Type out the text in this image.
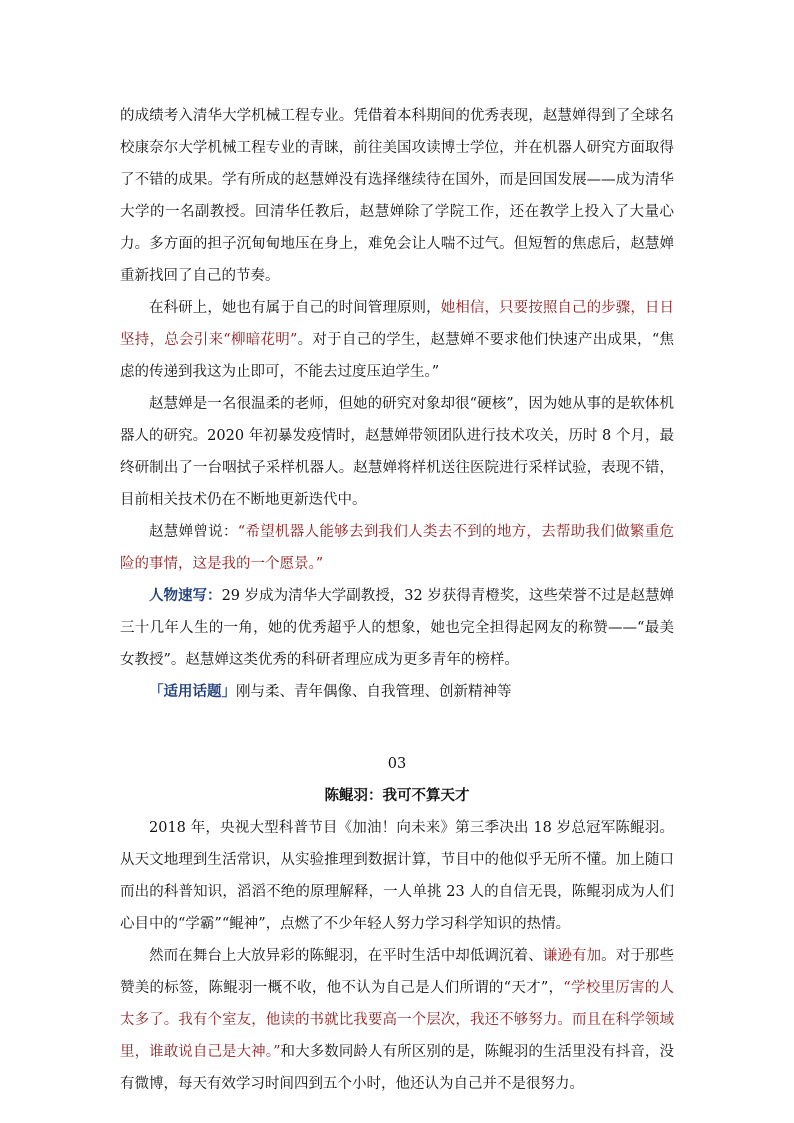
的成绩考入清华大学机械工程专业。凭借着本科期间的优秀表现，赵慧婵得到了全球名校康奈尔大学机械工程专业的青睐，前往美国攻读博士学位，并在机器人研究方面取得了不错的成果。学有所成的赵慧婵没有选择继续待在国外，而是回国发展——成为清华大学的一名副教授。回清华任教后，赵慧婵除了学院工作，还在教学上投入了大量心力。多方面的担子沉甸甸地压在身上，难免会让人喘不过气。但短暂的焦虑后，赵慧婵重新找回了自己的节奏。

在科研上，她也有属于自己的时间管理原则，她相信，只要按照自己的步骤，日日坚持，总会引来“柳暗花明”。对于自己的学生，赵慧婵不要求他们快速产出成果，“焦虑的传递到我这为止即可，不能去过度压迫学生。”

赵慧婵是一名很温柔的老师，但她的研究对象却很“硬核”，因为她从事的是软体机器人的研究。2020 年初暴发疫情时，赵慧婵带领团队进行技术攻关，历时 8 个月，最终研制出了一台咽拭子采样机器人。赵慧婵将样机送往医院进行采样试验，表现不错，目前相关技术仍在不断地更新迭代中。

赵慧婵曾说：“希望机器人能够去到我们人类去不到的地方，去帮助我们做繁重危险的事情，这是我的一个愿景。”

人物速写：29 岁成为清华大学副教授，32 岁获得青橙奖，这些荣誉不过是赵慧婵三十几年人生的一角，她的优秀超乎人的想象，她也完全担得起网友的称赞——“最美女教授”。赵慧婵这类优秀的科研者理应成为更多青年的榜样。

「适用话题」刚与柔、青年偶像、自我管理、创新精神等

03

陈鲲羽：我可不算天才

2018 年，央视大型科普节目《加油！向未来》第三季决出 18 岁总冠军陈鲲羽。从天文地理到生活常识，从实验推理到数据计算，节目中的他似乎无所不懂。加上随口而出的科普知识，滔滔不绝的原理解释，一人单挑 23 人的自信无畏，陈鲲羽成为人们心目中的“学霸”“鲲神”，点燃了不少年轻人努力学习科学知识的热情。

然而在舞台上大放异彩的陈鲲羽，在平时生活中却低调沉着、谦逊有加。对于那些赞美的标签，陈鲲羽一概不收，他不认为自己是人们所谓的“天才”，“学校里厉害的人太多了。我有个室友，他读的书就比我要高一个层次，我还不够努力。而且在科学领域里，谁敢说自己是大神。”和大多数同龄人有所区别的是，陈鲲羽的生活里没有抖音，没有微博，每天有效学习时间四到五个小时，他还认为自己并不是很努力。
